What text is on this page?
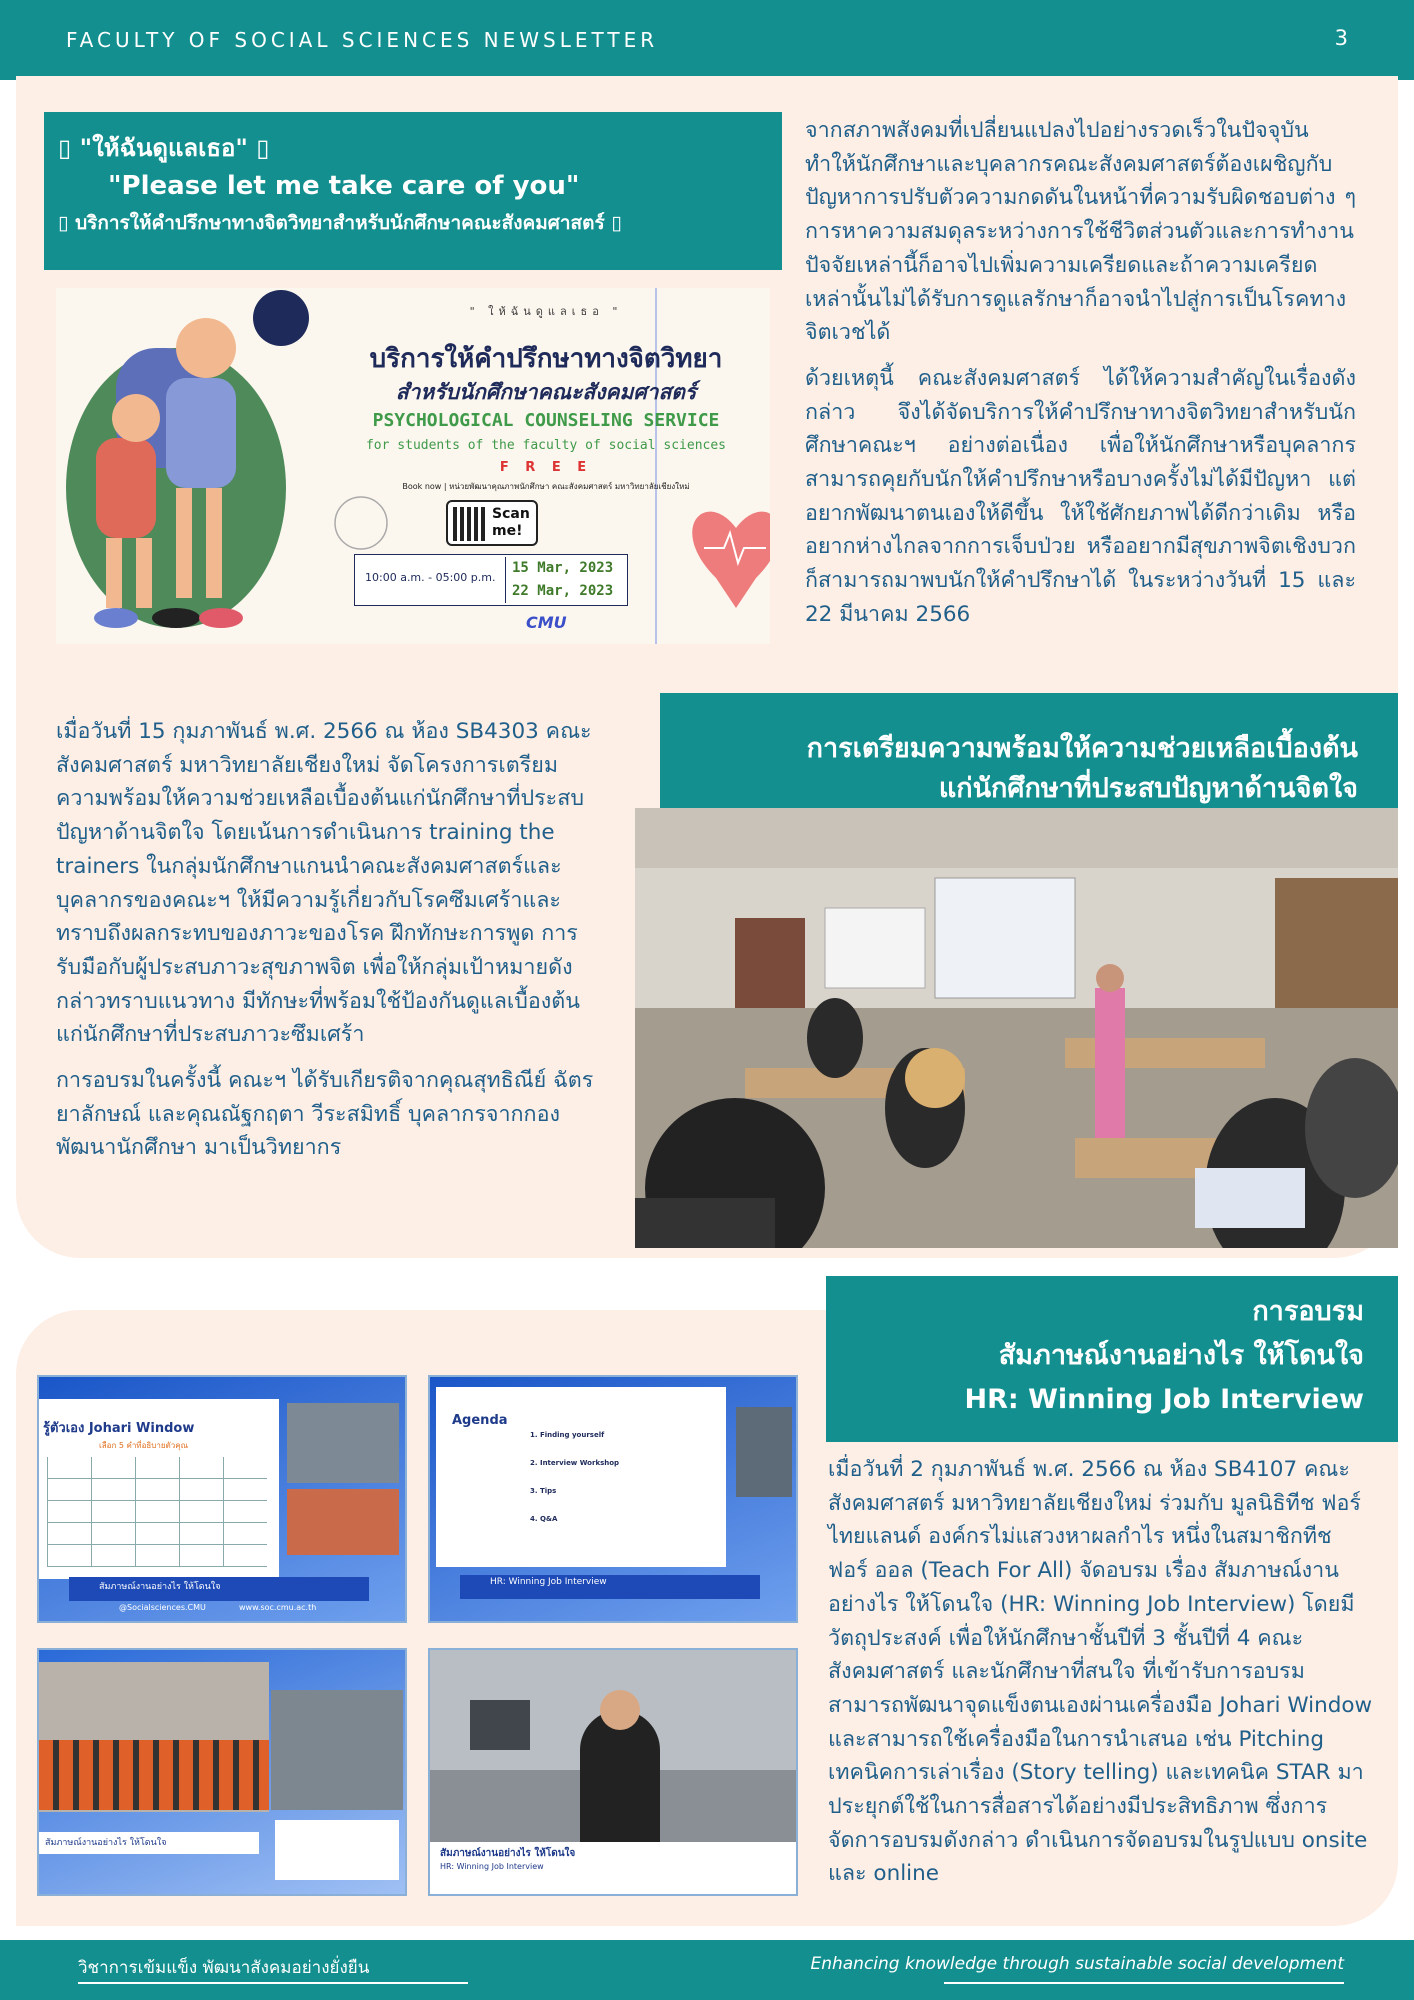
FACULTY OF SOCIAL SCIENCES NEWSLETTER	3
▯ "ให้ฉันดูแลเธอ" ▯
"Please let me take care of you"
▯ บริการให้คำปรึกษาทางจิตวิทยาสำหรับนักศึกษาคณะสังคมศาสตร์ ▯
" ให้ฉันดูแลเธอ "
บริการให้คำปรึกษาทางจิตวิทยา
สำหรับนักศึกษาคณะสังคมศาสตร์
PSYCHOLOGICAL COUNSELING SERVICE
for students of the faculty of social sciences
F R E E
Book now | หน่วยพัฒนาคุณภาพนักศึกษา คณะสังคมศาสตร์ มหาวิทยาลัยเชียงใหม่
Scan me!
10:00 a.m. - 05:00 p.m.
15 Mar, 2023
22 Mar, 2023
CMU

จากสภาพสังคมที่เปลี่ยนแปลงไปอย่างรวดเร็วในปัจจุบัน ทำให้นักศึกษาและบุคลากรคณะสังคมศาสตร์ต้องเผชิญกับปัญหาการปรับตัวความกดดันในหน้าที่ความรับผิดชอบต่าง ๆ การหาความสมดุลระหว่างการใช้ชีวิตส่วนตัวและการทำงาน ปัจจัยเหล่านี้ก็อาจไปเพิ่มความเครียดและถ้าความเครียดเหล่านั้นไม่ได้รับการดูแลรักษาก็อาจนำไปสู่การเป็นโรคทางจิตเวชได้

ด้วยเหตุนี้ คณะสังคมศาสตร์ ได้ให้ความสำคัญในเรื่องดังกล่าว จึงได้จัดบริการให้คำปรึกษาทางจิตวิทยาสำหรับนักศึกษาคณะฯ อย่างต่อเนื่อง เพื่อให้นักศึกษาหรือบุคลากรสามารถคุยกับนักให้คำปรึกษาหรือบางครั้งไม่ได้มีปัญหา แต่อยากพัฒนาตนเองให้ดีขึ้น ให้ใช้ศักยภาพได้ดีกว่าเดิม หรืออยากห่างไกลจากการเจ็บป่วย หรืออยากมีสุขภาพจิตเชิงบวกก็สามารถมาพบนักให้คำปรึกษาได้ ในระหว่างวันที่ 15 และ 22 มีนาคม 2566

การเตรียมความพร้อมให้ความช่วยเหลือเบื้องต้น
แก่นักศึกษาที่ประสบปัญหาด้านจิตใจ

เมื่อวันที่ 15 กุมภาพันธ์ พ.ศ. 2566 ณ ห้อง SB4303 คณะสังคมศาสตร์ มหาวิทยาลัยเชียงใหม่ จัดโครงการเตรียมความพร้อมให้ความช่วยเหลือเบื้องต้นแก่นักศึกษาที่ประสบปัญหาด้านจิตใจ โดยเน้นการดำเนินการ training the trainers ในกลุ่มนักศึกษาแกนนำคณะสังคมศาสตร์และบุคลากรของคณะฯ ให้มีความรู้เกี่ยวกับโรคซึมเศร้าและทราบถึงผลกระทบของภาวะของโรค ฝึกทักษะการพูด การรับมือกับผู้ประสบภาวะสุขภาพจิต เพื่อให้กลุ่มเป้าหมายดังกล่าวทราบแนวทาง มีทักษะที่พร้อมใช้ป้องกันดูแลเบื้องต้นแก่นักศึกษาที่ประสบภาวะซึมเศร้า

การอบรมในครั้งนี้ คณะฯ ได้รับเกียรติจากคุณสุทธิณีย์ ฉัตรยาลักษณ์ และคุณณัฐกฤตา วีระสมิทธิ์ บุคลากรจากกองพัฒนานักศึกษา มาเป็นวิทยากร

การอบรม
สัมภาษณ์งานอย่างไร ให้โดนใจ
HR: Winning Job Interview
รู้ตัวเอง Johari Window
เลือก 5 คำที่อธิบายตัวคุณ
สัมภาษณ์งานอย่างไร ให้โดนใจ
www.soc.cmu.ac.th
@Socialsciences.CMU
Agenda
1. Finding yourself
2. Interview Workshop
3. Tips
4. Q&A
HR: Winning Job Interview
สัมภาษณ์งานอย่างไร ให้โดนใจ
สัมภาษณ์งานอย่างไร ให้โดนใจ
HR: Winning Job Interview

เมื่อวันที่ 2 กุมภาพันธ์ พ.ศ. 2566 ณ ห้อง SB4107 คณะสังคมศาสตร์ มหาวิทยาลัยเชียงใหม่ ร่วมกับ มูลนิธิทีช ฟอร์ ไทยแลนด์ องค์กรไม่แสวงหาผลกำไร หนึ่งในสมาชิกทีช ฟอร์ ออล (Teach For All) จัดอบรม เรื่อง สัมภาษณ์งานอย่างไร ให้โดนใจ (HR: Winning Job Interview) โดยมีวัตถุประสงค์ เพื่อให้นักศึกษาชั้นปีที่ 3 ชั้นปีที่ 4 คณะสังคมศาสตร์ และนักศึกษาที่สนใจ ที่เข้ารับการอบรมสามารถพัฒนาจุดแข็งตนเองผ่านเครื่องมือ Johari Window และสามารถใช้เครื่องมือในการนำเสนอ เช่น Pitching เทคนิคการเล่าเรื่อง (Story telling) และเทคนิค STAR มาประยุกต์ใช้ในการสื่อสารได้อย่างมีประสิทธิภาพ ซึ่งการจัดการอบรมดังกล่าว ดำเนินการจัดอบรมในรูปแบบ onsite และ online

วิชาการเข้มแข็ง พัฒนาสังคมอย่างยั่งยืน	Enhancing knowledge through sustainable social development
